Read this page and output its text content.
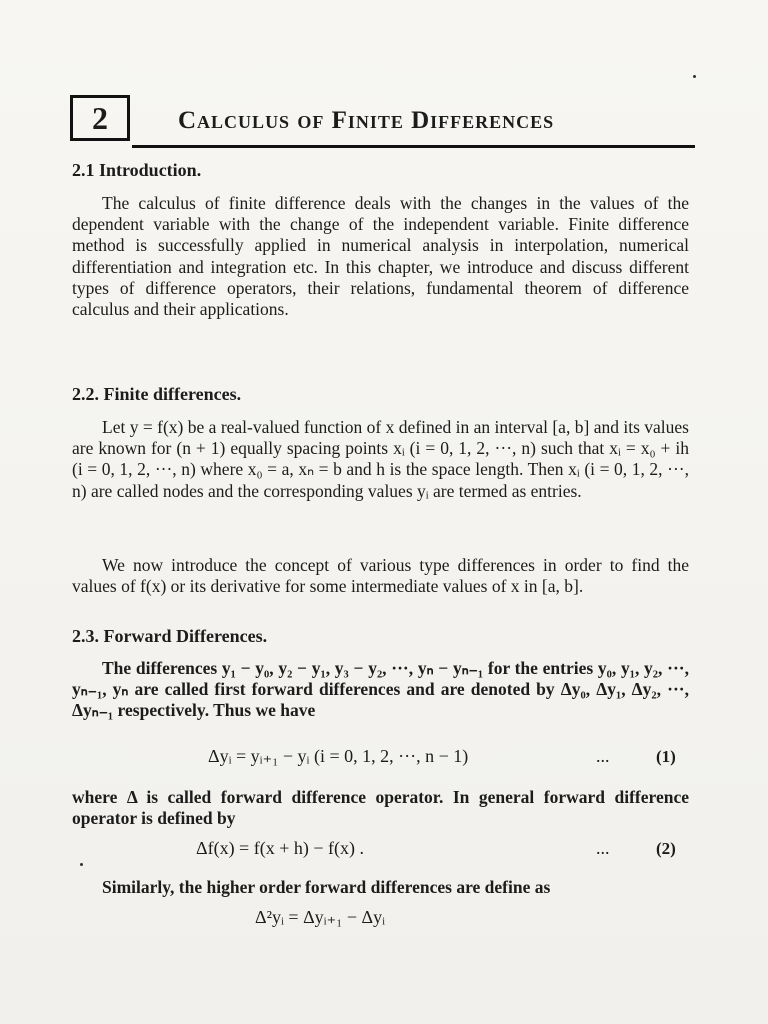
2	Calculus of Finite Differences
2.1 Introduction.

The calculus of finite difference deals with the changes in the values of the dependent variable with the change of the independent variable. Finite difference method is successfully applied in numerical analysis in interpolation, numerical differentiation and integration etc. In this chapter, we introduce and discuss different types of difference operators, their relations, fundamental theorem of difference calculus and their applications.

2.2. Finite differences.

Let y = f(x) be a real-valued function of x defined in an interval [a, b] and its values are known for (n + 1) equally spacing points xᵢ (i = 0, 1, 2, ···, n) such that xᵢ = x₀ + ih (i = 0, 1, 2, ···, n) where x₀ = a, xₙ = b and h is the space length. Then xᵢ (i = 0, 1, 2, ···, n) are called nodes and the corresponding values yᵢ are termed as entries.

We now introduce the concept of various type differences in order to find the values of f(x) or its derivative for some intermediate values of x in [a, b].

2.3. Forward Differences.

The differences y₁ − y₀, y₂ − y₁, y₃ − y₂, ···, yₙ − yₙ₋₁ for the entries y₀, y₁, y₂, ···, yₙ₋₁, yₙ are called first forward differences and are denoted by Δy₀, Δy₁, Δy₂, ···, Δyₙ₋₁ respectively. Thus we have

Δyᵢ = yᵢ₊₁ − yᵢ (i = 0, 1, 2, ···, n − 1)	...	(1)

where Δ is called forward difference operator. In general forward difference operator is defined by

Δf(x) = f(x + h) − f(x) .	...	(2)

Similarly, the higher order forward differences are define as

Δ²yᵢ = Δyᵢ₊₁ − Δyᵢ
